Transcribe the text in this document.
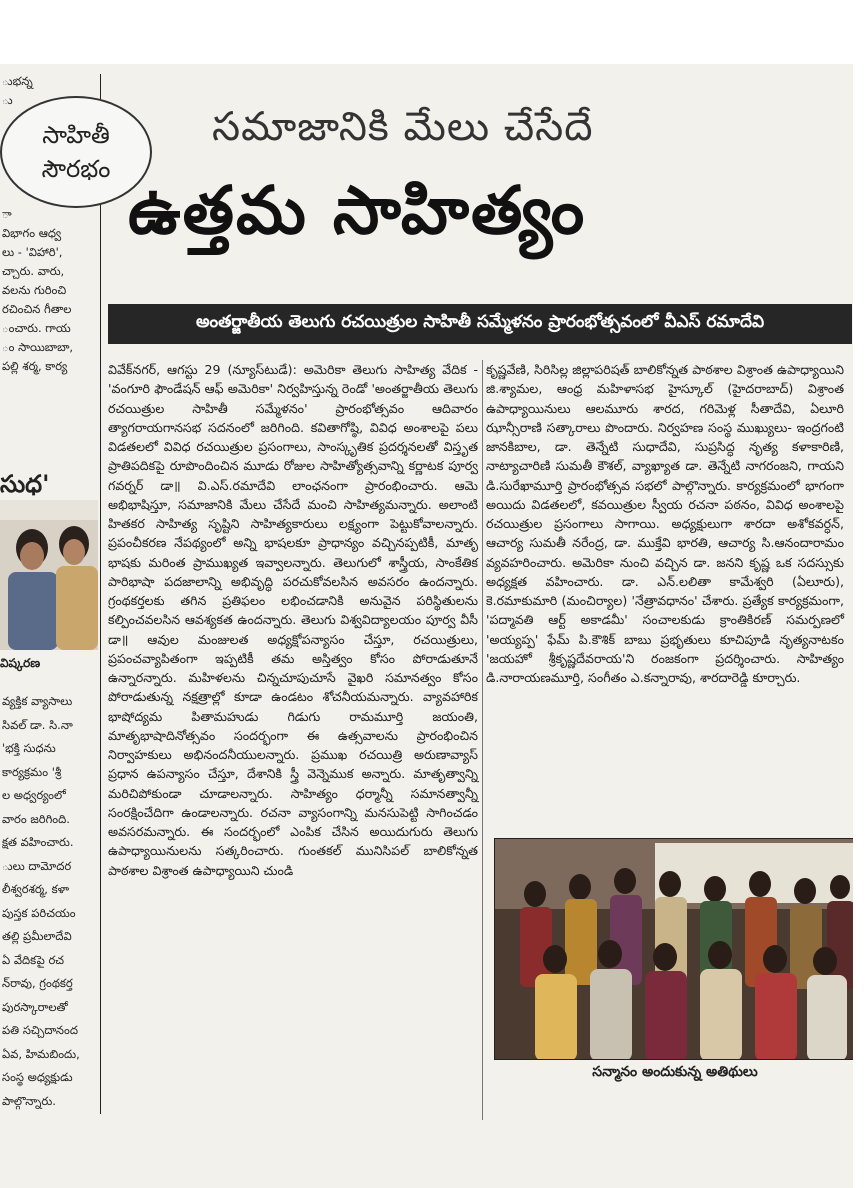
ుభన్న
ు
ా
విభాగం ఆధ్వ
లు - 'విహారి',
చ్చారు. వారు,
వలను గురించి
రచించిన గీతాల
ంచారు. గాయ
ం సాయిబాబా,
పల్లి శర్మ, కార్య
వ్యక్తిక వ్యాసాలు
సివల్ డా. సి.నా
'భక్తి సుధను
కార్యక్రమం 'శ్రీ
ల అధ్వర్యంలో
వారం జరిగింది.
క్షత వహించారు.
ులు దామోదర
లీశ్వరశర్మ, కళా
పుస్తక పరిచయం
తల్లి ప్రమీలాదేవి
ఏ వేదికపై రచ
న్‌రావు, గ్రంథకర్త
పురస్కారాలతో
పతి సచ్చిదానంద
ఏవ, హిమబిందు,
సంస్థ అధ్యక్షుడు
పాల్గొన్నారు.
సుధ'
విష్కరణ
సాహితీ
సౌరభం
సమాజానికి మేలు చేసేదే
ఉత్తమ సాహిత్యం
అంతర్జాతీయ తెలుగు రచయిత్రుల సాహితీ సమ్మేళనం ప్రారంభోత్సవంలో వీఎస్ రమాదేవి

వివేక్‌నగర్, ఆగస్టు 29 (న్యూస్‌టుడే): అమెరికా తెలుగు సాహిత్య వేదిక - 'వంగూరి ఫౌండేషన్ ఆఫ్ అమెరికా' నిర్వహిస్తున్న రెండో 'అంతర్జాతీయ తెలుగు రచయిత్రుల సాహితీ సమ్మేళనం' ప్రారంభోత్సవం ఆదివారం త్యాగరాయగానసభ సదనంలో జరిగింది. కవితాగోష్ఠి, వివిధ అంశాలపై పలు విడతలలో వివిధ రచయిత్రుల ప్రసంగాలు, సాంస్కృతిక ప్రదర్శనలతో విస్తృత ప్రాతిపదికపై రూపొందించిన మూడు రోజుల సాహిత్యోత్సవాన్ని కర్ణాటక పూర్వ గవర్నర్ డా॥ వి.ఎస్.రమాదేవి లాంఛనంగా ప్రారంభించారు. ఆమె అభిభాషిస్తూ, సమాజానికి మేలు చేసేదే మంచి సాహిత్యమన్నారు. అలాంటి హితకర సాహిత్య సృష్టిని సాహిత్యకారులు లక్ష్యంగా పెట్టుకోవాలన్నారు. ప్రపంచీకరణ నేపథ్యంలో అన్ని భాషలకూ ప్రాధాన్యం వచ్చినప్పటికీ, మాతృ భాషకు మరింత ప్రాముఖ్యత ఇవ్వాలన్నారు. తెలుగులో శాస్త్రీయ, సాంకేతిక పారిభాషా పదజాలాన్ని అభివృద్ధి పరచుకోవలసిన అవసరం ఉందన్నారు. గ్రంథకర్తలకు తగిన ప్రతిఫలం లభించడానికి అనువైన పరిస్థితులను కల్పించవలసిన ఆవశ్యకత ఉందన్నారు. తెలుగు విశ్వవిద్యాలయం పూర్వ వీసీ డా॥ ఆవుల మంజులత అధ్యక్షోపన్యాసం చేస్తూ, రచయిత్రులు, ప్రపంచవ్యాపితంగా ఇప్పటికీ తమ అస్తిత్వం కోసం పోరాడుతూనే ఉన్నారన్నారు. మహిళలను చిన్నచూపుచూసే వైఖరి సమానత్వం కోసం పోరాడుతున్న నక్షత్రాల్లో కూడా ఉండటం శోచనీయమన్నారు. వ్యావహారిక భాషోద్యమ పితామహుడు గిడుగు రామమూర్తి జయంతి, మాతృభాషాదినోత్సవం సందర్భంగా ఈ ఉత్సవాలను ప్రారంభించిన నిర్వాహకులు అభినందనీయులన్నారు. ప్రముఖ రచయిత్రి అరుణావ్యాస్ ప్రధాన ఉపన్యాసం చేస్తూ, దేశానికి స్త్రీ వెన్నెముక అన్నారు. మాతృత్వాన్ని మరిచిపోకుండా చూడాలన్నారు. సాహిత్యం ధర్మాన్నీ సమానత్వాన్నీ సంరక్షించేదిగా ఉండాలన్నారు. రచనా వ్యాసంగాన్ని మనసుపెట్టి సాగించడం అవసరమన్నారు. ఈ సందర్భంలో ఎంపిక చేసిన అయిదుగురు తెలుగు ఉపాధ్యాయినులను సత్కరించారు. గుంతకల్ మునిసిపల్ బాలికోన్నత పాఠశాల విశ్రాంత ఉపాధ్యాయిని చుండి

కృష్ణవేణి, సిరిసిల్ల జిల్లాపరిషత్ బాలికోన్నత పాఠశాల విశ్రాంత ఉపాధ్యాయిని జి.శ్యామల, ఆంధ్ర మహిళాసభ హైస్కూల్ (హైదరాబాద్) విశ్రాంత ఉపాధ్యాయినులు ఆలమూరు శారద, గరిమెళ్ల సీతాదేవి, ఏలూరి ఝాన్సీరాణి సత్కారాలు పొందారు. నిర్వహణ సంస్థ ముఖ్యులు- ఇంద్రగంటి జానకిబాల, డా. తెన్నేటి సుధాదేవి, సుప్రసిద్ధ నృత్య కళాకారిణి, నాట్యాచారిణి సుమతీ కౌశల్, వ్యాఖ్యాత డా. తెన్నేటి నాగరంజని, గాయని డి.సురేఖామూర్తి ప్రారంభోత్సవ సభలో పాల్గొన్నారు. కార్యక్రమంలో భాగంగా అయిదు విడతలలో, కవయిత్రుల స్వీయ రచనా పఠనం, వివిధ అంశాలపై రచయిత్రుల ప్రసంగాలు సాగాయి. అధ్యక్షులుగా శారదా అశోకవర్ధన్, ఆచార్య సుమతీ నరేంద్ర, డా. ముక్తేవి భారతి, ఆచార్య సి.ఆనందారామం వ్యవహరించారు. అమెరికా నుంచి వచ్చిన డా. జనని కృష్ణ ఒక సదస్సుకు అధ్యక్షత వహించారు. డా. ఎన్.లలితా కామేశ్వరి (ఏలూరు), కె.రమాకుమారి (మంచిర్యాల) 'నేత్రావధానం' చేశారు. ప్రత్యేక కార్యక్రమంగా, 'పద్మావతి ఆర్ట్ అకాడమీ' సంచాలకుడు క్రాంతికిరణ్ సమర్పణలో 'అయ్యప్ప' ఫేమ్ పి.కౌశిక్ బాబు ప్రభృతులు కూచిపూడి నృత్యనాటకం 'జయహో శ్రీకృష్ణదేవరాయ'ని రంజకంగా ప్రదర్శించారు. సాహిత్యం డి.నారాయణమూర్తి, సంగీతం ఎ.కన్నారావు, శారదారెడ్డి కూర్చారు.

సన్మానం అందుకున్న అతిథులు
